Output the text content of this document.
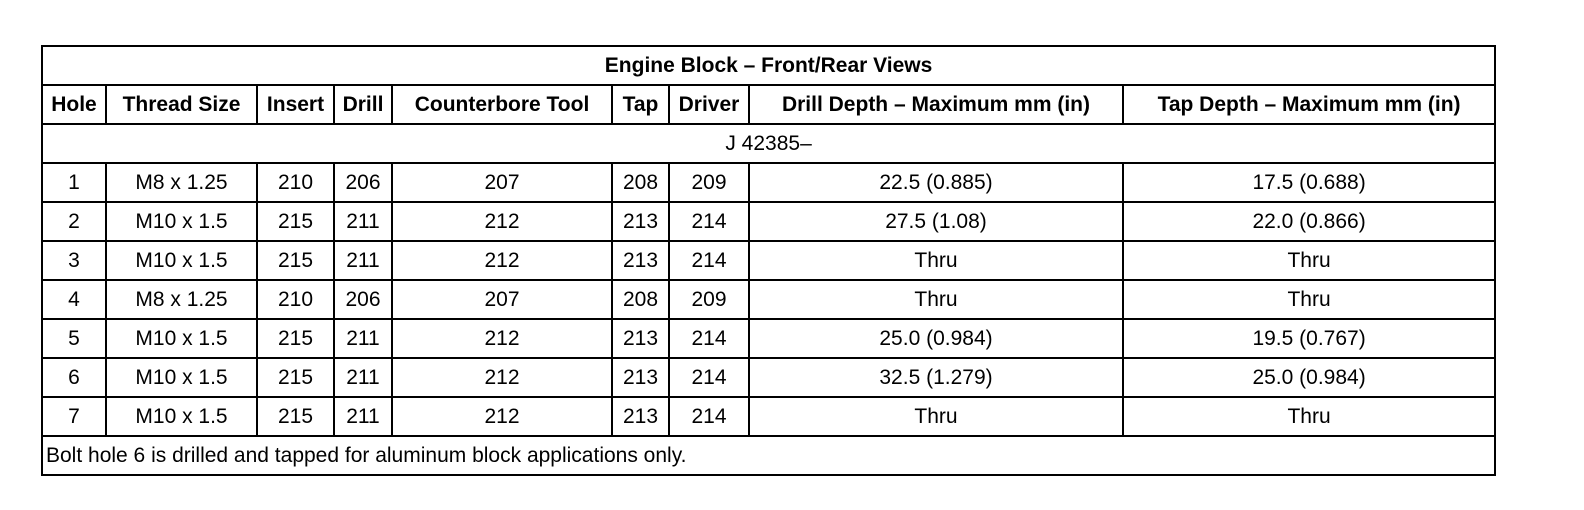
Engine Block – Front/Rear Views								
Hole	Thread Size	Insert	Drill	Counterbore Tool	Tap	Driver	Drill Depth – Maximum mm (in)	Tap Depth – Maximum mm (in)
J 42385–								
1	M8 x 1.25	210	206	207	208	209	22.5 (0.885)	17.5 (0.688)
2	M10 x 1.5	215	211	212	213	214	27.5 (1.08)	22.0 (0.866)
3	M10 x 1.5	215	211	212	213	214	Thru	Thru
4	M8 x 1.25	210	206	207	208	209	Thru	Thru
5	M10 x 1.5	215	211	212	213	214	25.0 (0.984)	19.5 (0.767)
6	M10 x 1.5	215	211	212	213	214	32.5 (1.279)	25.0 (0.984)
7	M10 x 1.5	215	211	212	213	214	Thru	Thru
Bolt hole 6 is drilled and tapped for aluminum block applications only.								
